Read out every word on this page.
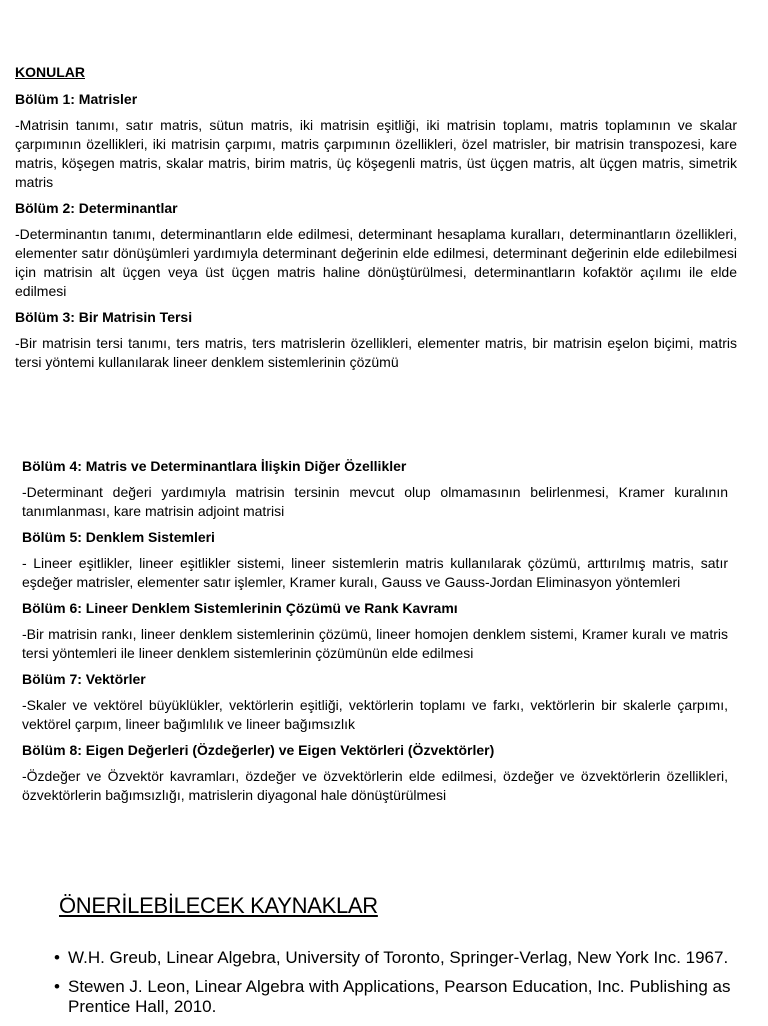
KONULAR
Bölüm 1: Matrisler
-Matrisin tanımı, satır matris, sütun matris, iki matrisin eşitliği, iki matrisin toplamı, matris toplamının ve skalar çarpımının özellikleri, iki matrisin çarpımı, matris çarpımının özellikleri, özel matrisler, bir matrisin transpozesi, kare matris, köşegen matris, skalar matris, birim matris, üç köşegenli matris, üst üçgen matris, alt üçgen matris, simetrik matris
Bölüm 2: Determinantlar
-Determinantın tanımı, determinantların elde edilmesi, determinant hesaplama kuralları, determinantların özellikleri, elementer satır dönüşümleri yardımıyla determinant değerinin elde edilmesi, determinant değerinin elde edilebilmesi için matrisin alt üçgen veya üst üçgen matris haline dönüştürülmesi, determinantların kofaktör açılımı ile elde edilmesi
Bölüm 3: Bir Matrisin Tersi
-Bir matrisin tersi tanımı, ters matris, ters matrislerin özellikleri, elementer matris, bir matrisin eşelon biçimi, matris tersi yöntemi kullanılarak lineer denklem sistemlerinin çözümü
Bölüm 4: Matris ve Determinantlara İlişkin Diğer Özellikler
-Determinant değeri yardımıyla matrisin tersinin mevcut olup olmamasının belirlenmesi, Kramer kuralının tanımlanması, kare matrisin adjoint matrisi
Bölüm 5: Denklem Sistemleri
- Lineer eşitlikler, lineer eşitlikler sistemi, lineer sistemlerin matris kullanılarak çözümü, arttırılmış matris, satır eşdeğer matrisler, elementer satır işlemler, Kramer kuralı, Gauss ve Gauss-Jordan Eliminasyon yöntemleri
Bölüm 6: Lineer Denklem Sistemlerinin Çözümü ve Rank Kavramı
-Bir matrisin rankı, lineer denklem sistemlerinin çözümü, lineer homojen denklem sistemi, Kramer kuralı ve matris tersi yöntemleri ile lineer denklem sistemlerinin çözümünün elde edilmesi
Bölüm 7: Vektörler
-Skaler ve vektörel büyüklükler, vektörlerin eşitliği, vektörlerin toplamı ve farkı, vektörlerin bir skalerle çarpımı, vektörel çarpım, lineer bağımlılık ve lineer bağımsızlık
Bölüm 8: Eigen Değerleri (Özdeğerler) ve Eigen Vektörleri (Özvektörler)
-Özdeğer ve Özvektör kavramları, özdeğer ve özvektörlerin elde edilmesi, özdeğer ve özvektörlerin özellikleri, özvektörlerin bağımsızlığı, matrislerin diyagonal hale dönüştürülmesi
ÖNERİLEBİLECEK KAYNAKLAR
• W.H. Greub, Linear Algebra, University of Toronto, Springer-Verlag, New York Inc. 1967.
• Stewen J. Leon, Linear Algebra with Applications, Pearson Education, Inc. Publishing as Prentice Hall, 2010.
